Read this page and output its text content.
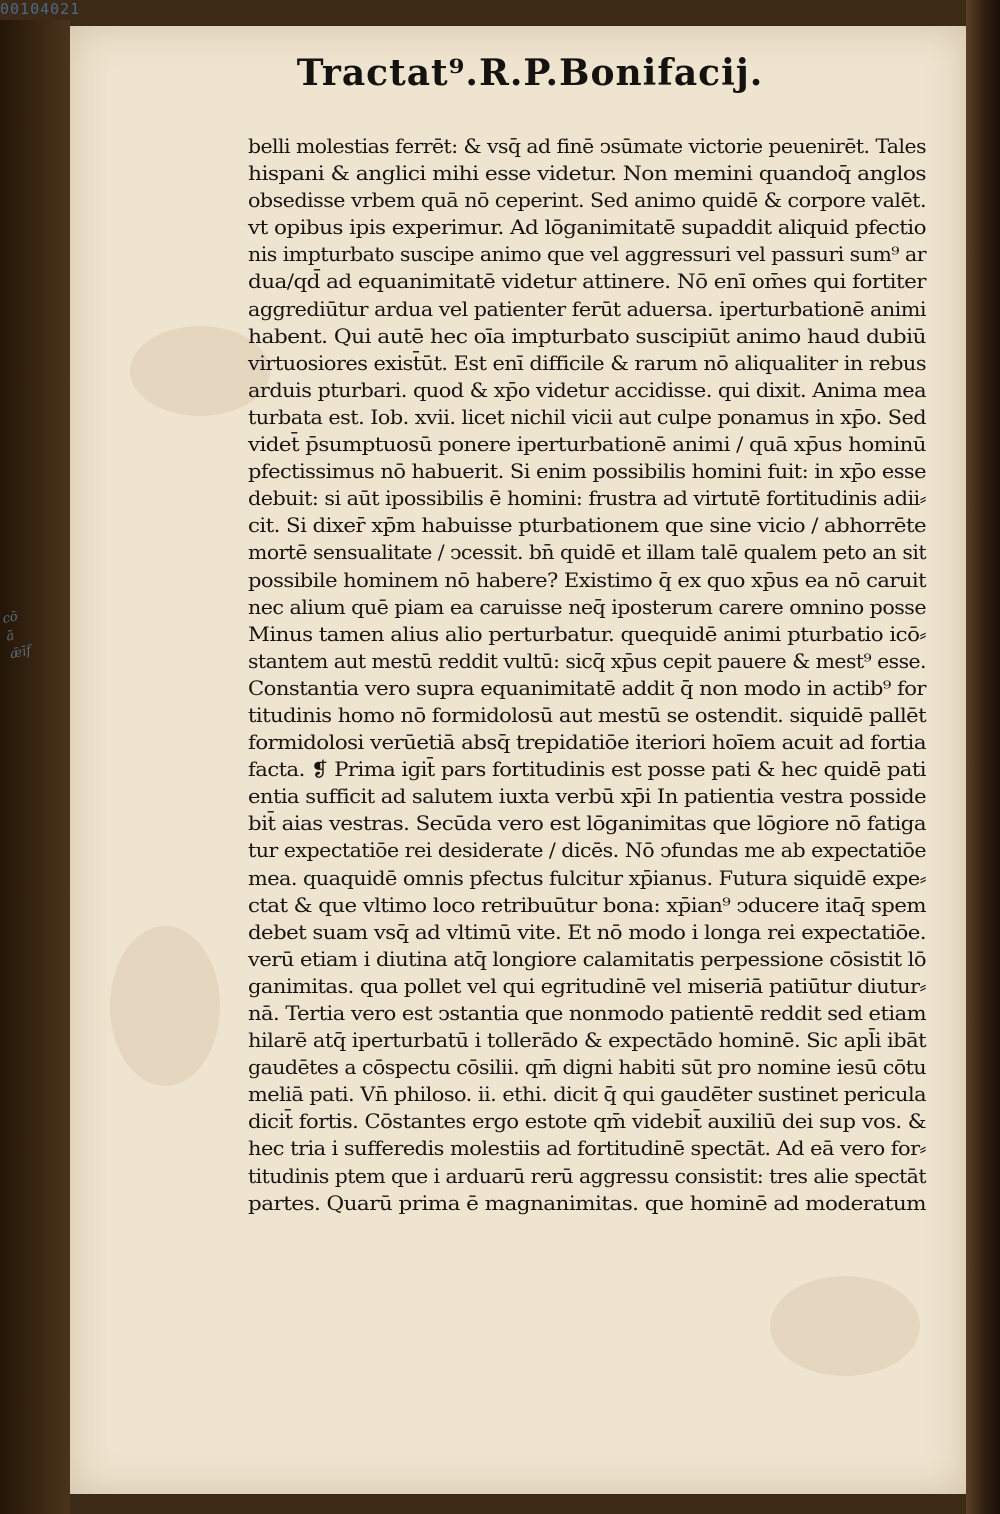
00104021
cō
ā̄
ǣīf
Tractat⁹.R.P.Bonifacij.
belli molestias ferrēt: & vsq̄ ad finē ↄsūmate victorie peuenirēt. Tales
hispani & anglici mihi esse videtur. Non memini quandoq̄ anglos
obsedisse vrbem quā nō ceperint. Sed animo quidē & corpore valēt.
vt opibus ipis experimur. Ad lōganimitatē supaddit aliquid pfectio
nis impturbato suscipe animo que vel aggressuri vel passuri sum⁹ ar
dua/qd̄ ad equanimitatē videtur attinere. Nō enī om̄es qui fortiter
aggrediūtur ardua vel patienter ferūt aduersa. iperturbationē animi
habent. Qui autē hec oīa impturbato suscipiūt animo haud dubiū
virtuosiores exist̄ūt. Est enī difficile & rarum nō aliqualiter in rebus
arduis pturbari. quod & xp̄o videtur accidisse. qui dixit. Anima mea
turbata est. Iob. xvii. licet nichil vicii aut culpe ponamus in xp̄o. Sed
videt̄ p̄sumptuosū ponere iperturbationē animi / quā xp̄us hominū
pfectissimus nō habuerit. Si enim possibilis homini fuit: in xp̄o esse
debuit: si aūt ipossibilis ē homini: frustra ad virtutē fortitudinis adii⸗
cit. Si dixer̄ xp̄m habuisse pturbationem que sine vicio / abhorrēte
mortē sensualitate / ↄcessit. bn̄ quidē et illam talē qualem peto an sit
possibile hominem nō habere? Existimo q̄ ex quo xp̄us ea nō caruit
nec alium quē piam ea caruisse neq̄ iposterum carere omnino posse
Minus tamen alius alio perturbatur. quequidē animi pturbatio icō⸗
stantem aut mestū reddit vultū: sicq̄ xp̄us cepit pauere & mest⁹ esse.
Constantia vero supra equanimitatē addit q̄ non modo in actib⁹ for
titudinis homo nō formidolosū aut mestū se ostendit. siquidē pallēt
formidolosi verūetiā absq̄ trepidatiōe iteriori hoīem acuit ad fortia
facta. ❡ Prima igit̄ pars fortitudinis est posse pati & hec quidē pati
entia sufficit ad salutem iuxta verbū xp̄i In patientia vestra posside
bit̄ aias vestras. Secūda vero est lōganimitas que lōgiore nō fatiga
tur expectatiōe rei desiderate / dicēs. Nō ↄfundas me ab expectatiōe
mea. quaquidē omnis pfectus fulcitur xp̄ianus. Futura siquidē expe⸗
ctat & que vltimo loco retribuūtur bona: xp̄ian⁹ ↄducere itaq̄ spem
debet suam vsq̄ ad vltimū vite. Et nō modo i longa rei expectatiōe.
verū etiam i diutina atq̄ longiore calamitatis perpessione cōsistit lō
ganimitas. qua pollet vel qui egritudinē vel miseriā patiūtur diutur⸗
nā. Tertia vero est ↄstantia que nonmodo patientē reddit sed etiam
hilarē atq̄ iperturbatū i tollerādo & expectādo hominē. Sic apl̄i ibāt
gaudētes a cōspectu cōsilii. qm̄ digni habiti sūt pro nomine iesū cōtu
meliā pati. Vn̄ philoso. ii. ethi. dicit q̄ qui gaudēter sustinet pericula
dicit̄ fortis. Cōstantes ergo estote qm̄ videbit̄ auxiliū dei sup vos. &
hec tria i sufferedis molestiis ad fortitudinē spectāt. Ad eā vero for⸗
titudinis ptem que i arduarū rerū aggressu consistit: tres alie spectāt
partes. Quarū prima ē magnanimitas. que hominē ad moderatum
